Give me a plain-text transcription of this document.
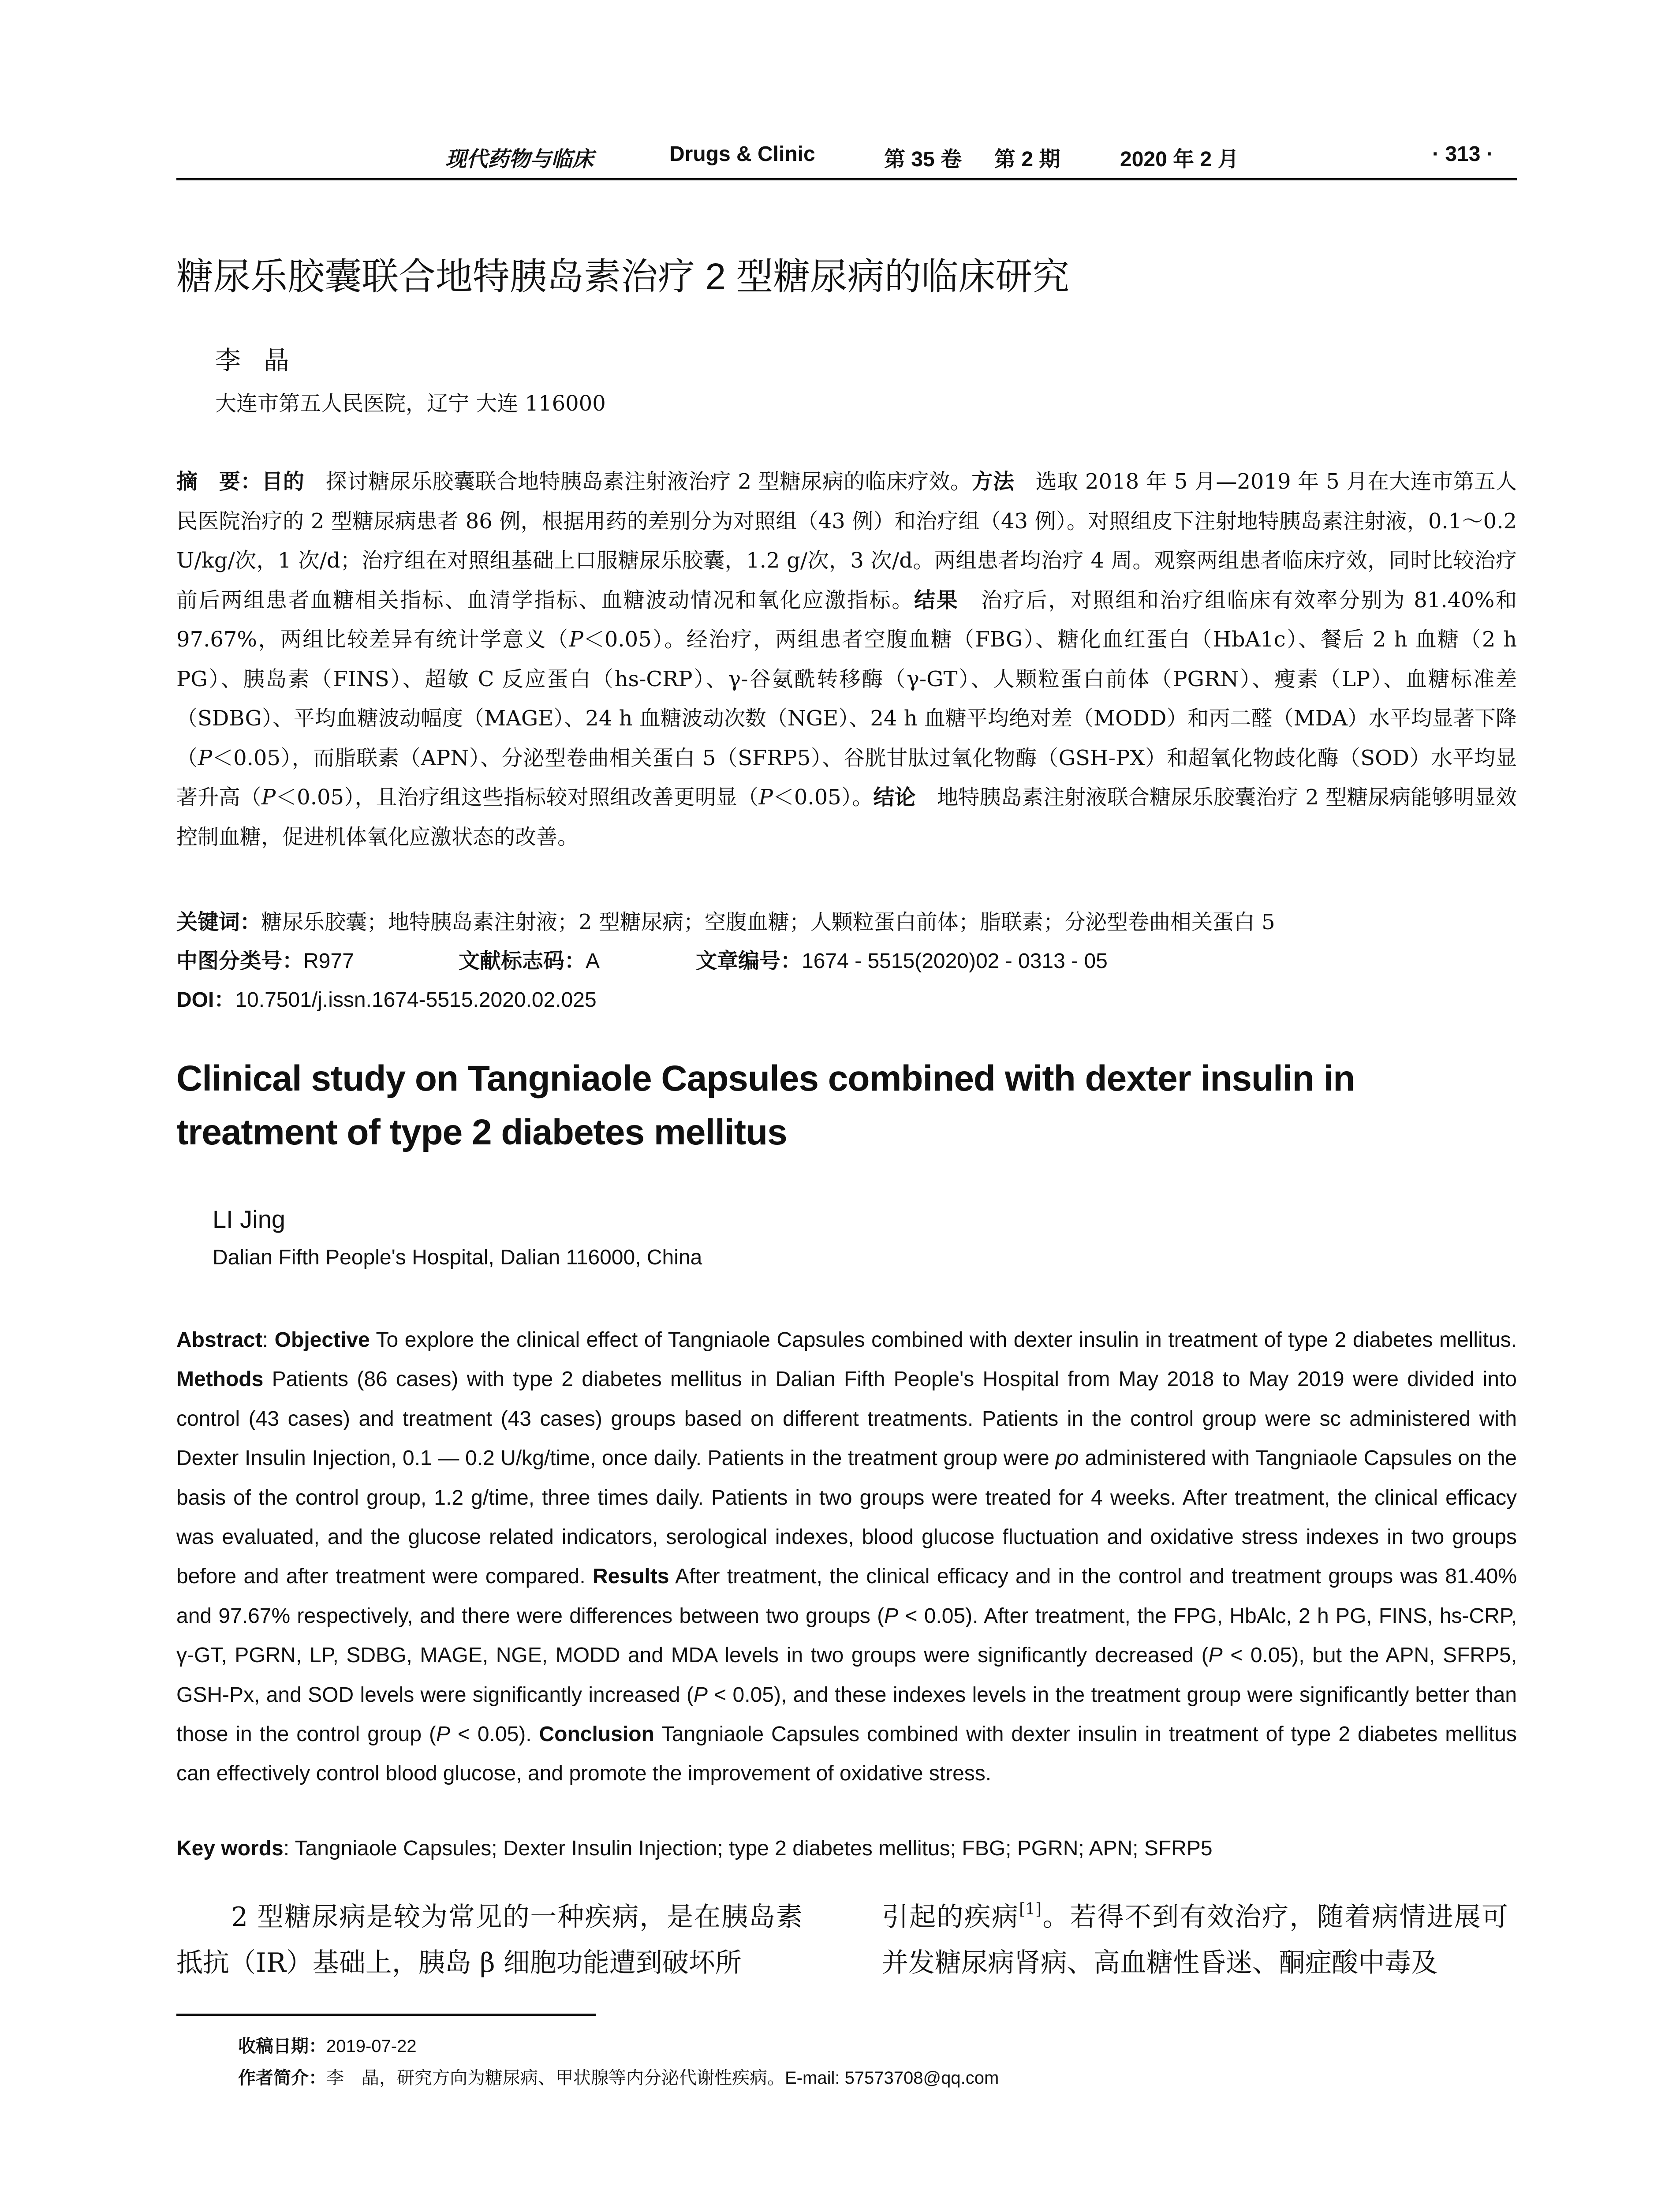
现代药物与临床	Drugs & Clinic	第 35 卷 第 2 期	2020 年 2 月	· 313 ·
糖尿乐胶囊联合地特胰岛素治疗 2 型糖尿病的临床研究
李晶
大连市第五人民医院，辽宁 大连 116000

摘　要：目的　探讨糖尿乐胶囊联合地特胰岛素注射液治疗 2 型糖尿病的临床疗效。方法　选取 2018 年 5 月—2019 年 5 月在大连市第五人民医院治疗的 2 型糖尿病患者 86 例，根据用药的差别分为对照组（43 例）和治疗组（43 例）。对照组皮下注射地特胰岛素注射液，0.1～0.2 U/kg/次，1 次/d；治疗组在对照组基础上口服糖尿乐胶囊，1.2 g/次，3 次/d。两组患者均治疗 4 周。观察两组患者临床疗效，同时比较治疗前后两组患者血糖相关指标、血清学指标、血糖波动情况和氧化应激指标。结果　治疗后，对照组和治疗组临床有效率分别为 81.40%和 97.67%，两组比较差异有统计学意义（P＜0.05）。经治疗，两组患者空腹血糖（FBG）、糖化血红蛋白（HbA1c）、餐后 2 h 血糖（2 h PG）、胰岛素（FINS）、超敏 C 反应蛋白（hs-CRP）、γ-谷氨酰转移酶（γ-GT）、人颗粒蛋白前体（PGRN）、瘦素（LP）、血糖标准差（SDBG）、平均血糖波动幅度（MAGE）、24 h 血糖波动次数（NGE）、24 h 血糖平均绝对差（MODD）和丙二醛（MDA）水平均显著下降（P＜0.05），而脂联素（APN）、分泌型卷曲相关蛋白 5（SFRP5）、谷胱甘肽过氧化物酶（GSH-PX）和超氧化物歧化酶（SOD）水平均显著升高（P＜0.05），且治疗组这些指标较对照组改善更明显（P＜0.05）。结论　地特胰岛素注射液联合糖尿乐胶囊治疗 2 型糖尿病能够明显效控制血糖，促进机体氧化应激状态的改善。

关键词：糖尿乐胶囊；地特胰岛素注射液；2 型糖尿病；空腹血糖；人颗粒蛋白前体；脂联素；分泌型卷曲相关蛋白 5
中图分类号：R977	文献标志码：A	文章编号：1674 - 5515(2020)02 - 0313 - 05
DOI：10.7501/j.issn.1674-5515.2020.02.025

Clinical study on Tangniaole Capsules combined with dexter insulin in treatment of type 2 diabetes mellitus

LI Jing
Dalian Fifth People's Hospital, Dalian 116000, China

Abstract: Objective To explore the clinical effect of Tangniaole Capsules combined with dexter insulin in treatment of type 2 diabetes mellitus. Methods Patients (86 cases) with type 2 diabetes mellitus in Dalian Fifth People's Hospital from May 2018 to May 2019 were divided into control (43 cases) and treatment (43 cases) groups based on different treatments. Patients in the control group were sc administered with Dexter Insulin Injection, 0.1 — 0.2 U/kg/time, once daily. Patients in the treatment group were po administered with Tangniaole Capsules on the basis of the control group, 1.2 g/time, three times daily. Patients in two groups were treated for 4 weeks. After treatment, the clinical efficacy was evaluated, and the glucose related indicators, serological indexes, blood glucose fluctuation and oxidative stress indexes in two groups before and after treatment were compared. Results After treatment, the clinical efficacy and in the control and treatment groups was 81.40% and 97.67% respectively, and there were differences between two groups (P < 0.05). After treatment, the FPG, HbAlc, 2 h PG, FINS, hs-CRP, γ-GT, PGRN, LP, SDBG, MAGE, NGE, MODD and MDA levels in two groups were significantly decreased (P < 0.05), but the APN, SFRP5, GSH-Px, and SOD levels were significantly increased (P < 0.05), and these indexes levels in the treatment group were significantly better than those in the control group (P < 0.05). Conclusion Tangniaole Capsules combined with dexter insulin in treatment of type 2 diabetes mellitus can effectively control blood glucose, and promote the improvement of oxidative stress.

Key words: Tangniaole Capsules; Dexter Insulin Injection; type 2 diabetes mellitus; FBG; PGRN; APN; SFRP5

2 型糖尿病是较为常见的一种疾病，是在胰岛素抵抗（IR）基础上，胰岛 β 细胞功能遭到破坏所

引起的疾病[1]。若得不到有效治疗，随着病情进展可并发糖尿病肾病、高血糖性昏迷、酮症酸中毒及

收稿日期：2019-07-22
作者简介：李　晶，研究方向为糖尿病、甲状腺等内分泌代谢性疾病。E-mail: 57573708@qq.com
